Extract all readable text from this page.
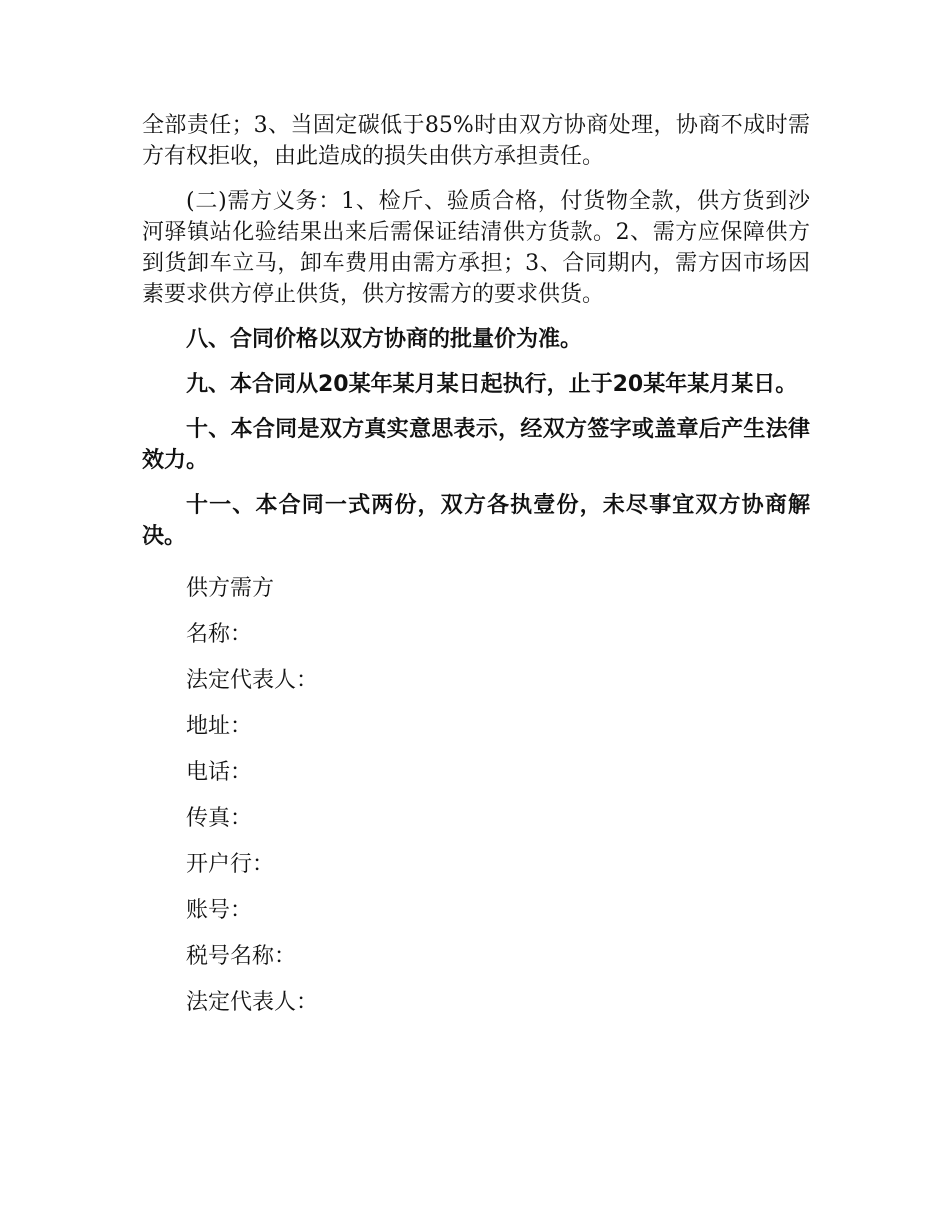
全部责任；3、当固定碳低于85%时由双方协商处理，协商不成时需方有权拒收，由此造成的损失由供方承担责任。

(二)需方义务：1、检斤、验质合格，付货物全款，供方货到沙河驿镇站化验结果出来后需保证结清供方货款。2、需方应保障供方到货卸车立马，卸车费用由需方承担；3、合同期内，需方因市场因素要求供方停止供货，供方按需方的要求供货。

八、合同价格以双方协商的批量价为准。

九、本合同从20某年某月某日起执行，止于20某年某月某日。

十、本合同是双方真实意思表示，经双方签字或盖章后产生法律效力。

十一、本合同一式两份，双方各执壹份，未尽事宜双方协商解决。

供方需方

名称：

法定代表人：

地址：

电话：

传真：

开户行：

账号：

税号名称：

法定代表人：
